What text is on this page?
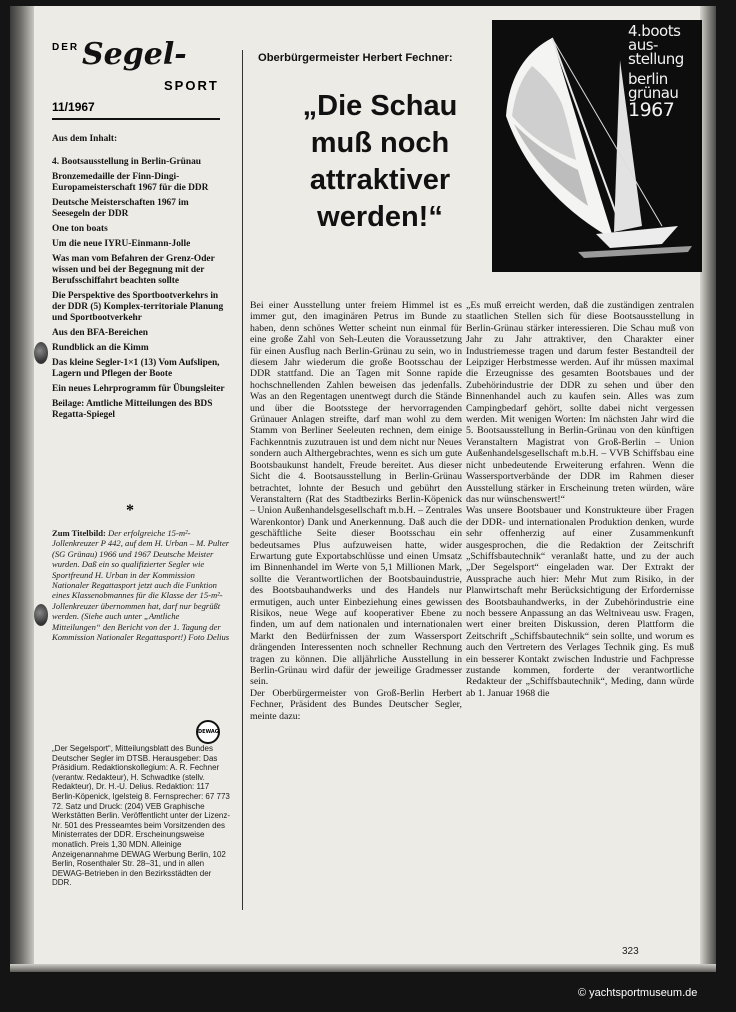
DER Segel-
SPORT
11/1967
Aus dem Inhalt:
4. Bootsausstellung in Berlin-Grünau
Bronzemedaille der Finn-Dingi-Europameisterschaft 1967 für die DDR
Deutsche Meisterschaften 1967 im Seesegeln der DDR
One ton boats
Um die neue IYRU-Einmann-Jolle
Was man vom Befahren der Grenz-Oder wissen und bei der Begegnung mit der Berufsschiffahrt beachten sollte
Die Perspektive des Sportbootverkehrs in der DDR (5) Komplex-territoriale Planung und Sportbootverkehr
Aus den BFA-Bereichen
Rundblick an die Kimm
Das kleine Segler-1×1 (13) Vom Aufslipen, Lagern und Pflegen der Boote
Ein neues Lehrprogramm für Übungsleiter
Beilage: Amtliche Mitteilungen des BDS Regatta-Spiegel
*
Zum Titelbild: Der erfolgreiche 15-m²-Jollenkreuzer P 442, auf dem H. Urban – M. Pulter (SG Grünau) 1966 und 1967 Deutsche Meister wurden. Daß ein so qualifizierter Segler wie Sportfreund H. Urban in der Kommission Nationaler Regattasport jetzt auch die Funktion eines Klassenobmannes für die Klasse der 15-m²-Jollenkreuzer übernommen hat, darf nur begrüßt werden. (Siehe auch unter „Amtliche Mitteilungen“ den Bericht von der 1. Tagung der Kommission Nationaler Regattasport!) Foto Delius
DEWAG
„Der Segelsport“, Mitteilungsblatt des Bundes Deutscher Segler im DTSB. Herausgeber: Das Präsidium. Redaktionskollegium: A. R. Fechner (verantw. Redakteur), H. Schwadtke (stellv. Redakteur), Dr. H.-U. Delius. Redaktion: 117 Berlin-Köpenick, Igelsteig 8. Fernsprecher: 67 773 72. Satz und Druck: (204) VEB Graphische Werkstätten Berlin. Veröffentlicht unter der Lizenz-Nr. 501 des Presseamtes beim Vorsitzenden des Ministerrates der DDR. Erscheinungsweise monatlich. Preis 1,30 MDN. Alleinige Anzeigenannahme DEWAG Werbung Berlin, 102 Berlin, Rosenthaler Str. 28–31, und in allen DEWAG-Betrieben in den Bezirksstädten der DDR.
Oberbürgermeister Herbert Fechner:
„Die Schau muß noch attraktiver werden!“
4.boots
aus-
stellung
berlin
grünau
1967

Bei einer Ausstellung unter freiem Himmel ist es immer gut, den imaginären Petrus im Bunde zu haben, denn schönes Wetter scheint nun einmal für eine große Zahl von Seh-Leuten die Voraussetzung für einen Ausflug nach Berlin-Grünau zu sein, wo in diesem Jahr wiederum die große Bootsschau der DDR stattfand. Die an Tagen mit Sonne rapide hochschnellenden Zahlen beweisen das jedenfalls. Was an den Regentagen unentwegt durch die Stände und über die Bootsstege der hervorragenden Grünauer Anlagen streifte, darf man wohl zu dem Stamm von Berliner Seeleuten rechnen, dem einige Fachkenntnis zuzutrauen ist und dem nicht nur Neues sondern auch Althergebrachtes, wenn es sich um gute Bootsbaukunst handelt, Freude bereitet. Aus dieser Sicht die 4. Bootsausstellung in Berlin-Grünau betrachtet, lohnte der Besuch und gebührt den Veranstaltern (Rat des Stadtbezirks Berlin-Köpenick – Union Außenhandelsgesellschaft m.b.H. – Zentrales Warenkontor) Dank und Anerkennung. Daß auch die geschäftliche Seite dieser Bootsschau ein bedeutsames Plus aufzuweisen hatte, wider Erwartung gute Exportabschlüsse und einen Umsatz im Binnenhandel im Werte von 5,1 Millionen Mark, sollte die Verantwortlichen der Bootsbauindustrie, des Bootsbauhandwerks und des Handels nur ermutigen, auch unter Einbeziehung eines gewissen Risikos, neue Wege auf kooperativer Ebene zu finden, um auf dem nationalen und internationalen Markt den Bedürfnissen der zum Wassersport drängenden Interessenten noch schneller Rechnung tragen zu können. Die alljährliche Ausstellung in Berlin-Grünau wird dafür der jeweilige Gradmesser sein.

Der Oberbürgermeister von Groß-Berlin Herbert Fechner, Präsident des Bundes Deutscher Segler, meinte dazu:

„Es muß erreicht werden, daß die zuständigen zentralen staatlichen Stellen sich für diese Bootsausstellung in Berlin-Grünau stärker interessieren. Die Schau muß von Jahr zu Jahr attraktiver, den Charakter einer Industriemesse tragen und darum fester Bestandteil der Leipziger Herbstmesse werden. Auf ihr müssen maximal die Erzeugnisse des gesamten Bootsbaues und der Zubehörindustrie der DDR zu sehen und über den Binnenhandel auch zu kaufen sein. Alles was zum Campingbedarf gehört, sollte dabei nicht vergessen werden. Mit wenigen Worten: Im nächsten Jahr wird die 5. Bootsausstellung in Berlin-Grünau von den künftigen Veranstaltern Magistrat von Groß-Berlin – Union Außenhandelsgesellschaft m.b.H. – VVB Schiffsbau eine nicht unbedeutende Erweiterung erfahren. Wenn die Wassersportverbände der DDR im Rahmen dieser Ausstellung stärker in Erscheinung treten würden, wäre das nur wünschenswert!“

Was unsere Bootsbauer und Konstrukteure über Fragen der DDR- und internationalen Produktion denken, wurde sehr offenherzig auf einer Zusammenkunft ausgesprochen, die die Redaktion der Zeitschrift „Schiffsbautechnik“ veranlaßt hatte, und zu der auch „Der Segelsport“ eingeladen war. Der Extrakt der Aussprache auch hier: Mehr Mut zum Risiko, in der Planwirtschaft mehr Berücksichtigung der Erfordernisse des Bootsbauhandwerks, in der Zubehörindustrie eine noch bessere Anpassung an das Weltniveau usw. Fragen, wert einer breiten Diskussion, deren Plattform die Zeitschrift „Schiffsbautechnik“ sein sollte, und worum es auch den Vertretern des Verlages Technik ging. Es muß ein besserer Kontakt zwischen Industrie und Fachpresse zustande kommen, forderte der verantwortliche Redakteur der „Schiffsbautechnik“, Meding, dann würde ab 1. Januar 1968 die

323
© yachtsportmuseum.de
